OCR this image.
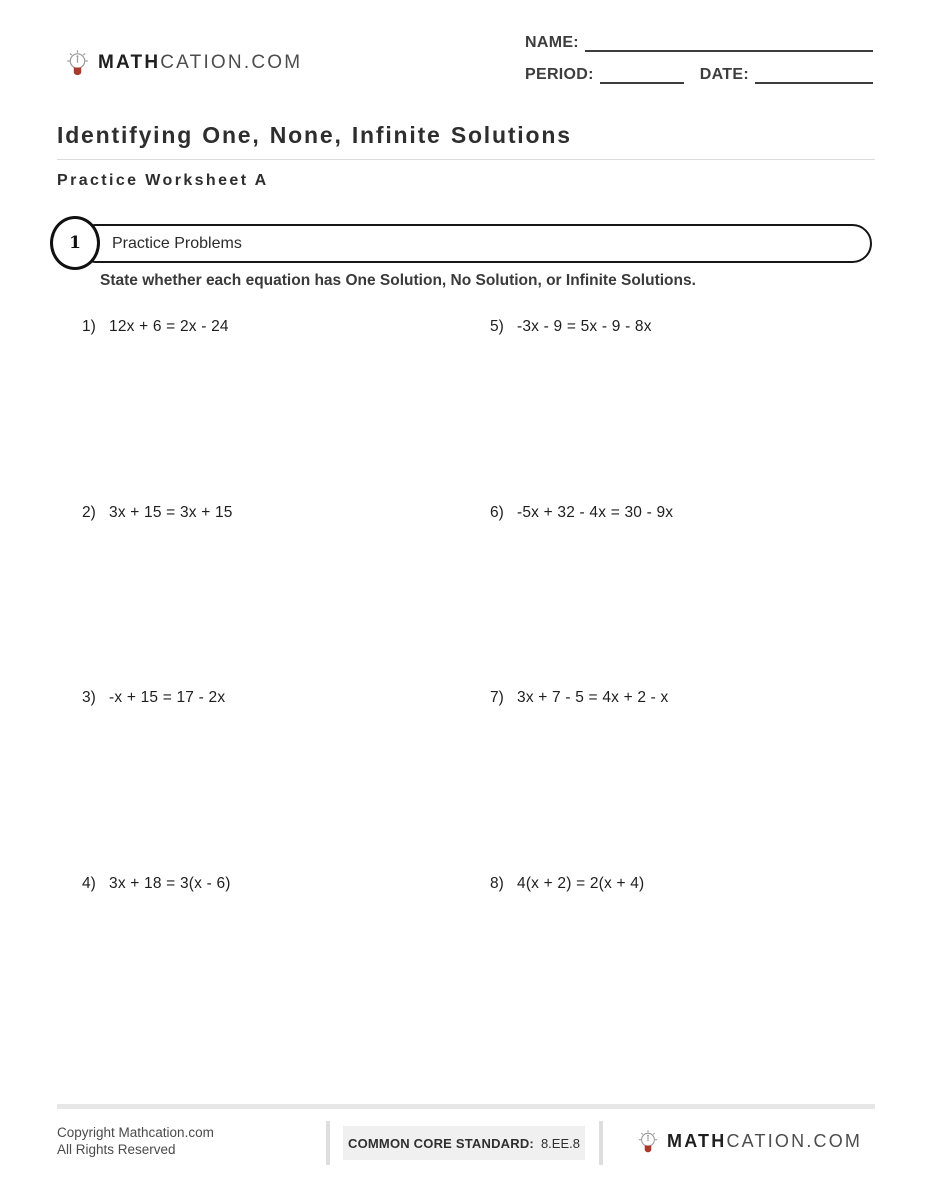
MATHCATION.COM
NAME:
PERIOD:	DATE:
Identifying One, None, Infinite Solutions
Practice Worksheet A
1 Practice Problems

State whether each equation has One Solution, No Solution, or Infinite Solutions.

1) 12x + 6 = 2x - 24
2) 3x + 15 = 3x + 15
3) -x + 15 = 17 - 2x
4) 3x + 18 = 3(x - 6)
5) -3x - 9 = 5x - 9 - 8x
6) -5x + 32 - 4x = 30 - 9x
7) 3x + 7 - 5 = 4x + 2 - x
8) 4(x + 2) = 2(x + 4)
Copyright Mathcation.com
All Rights Reserved	COMMON CORE STANDARD: 8.EE.8	MATHCATION.COM
